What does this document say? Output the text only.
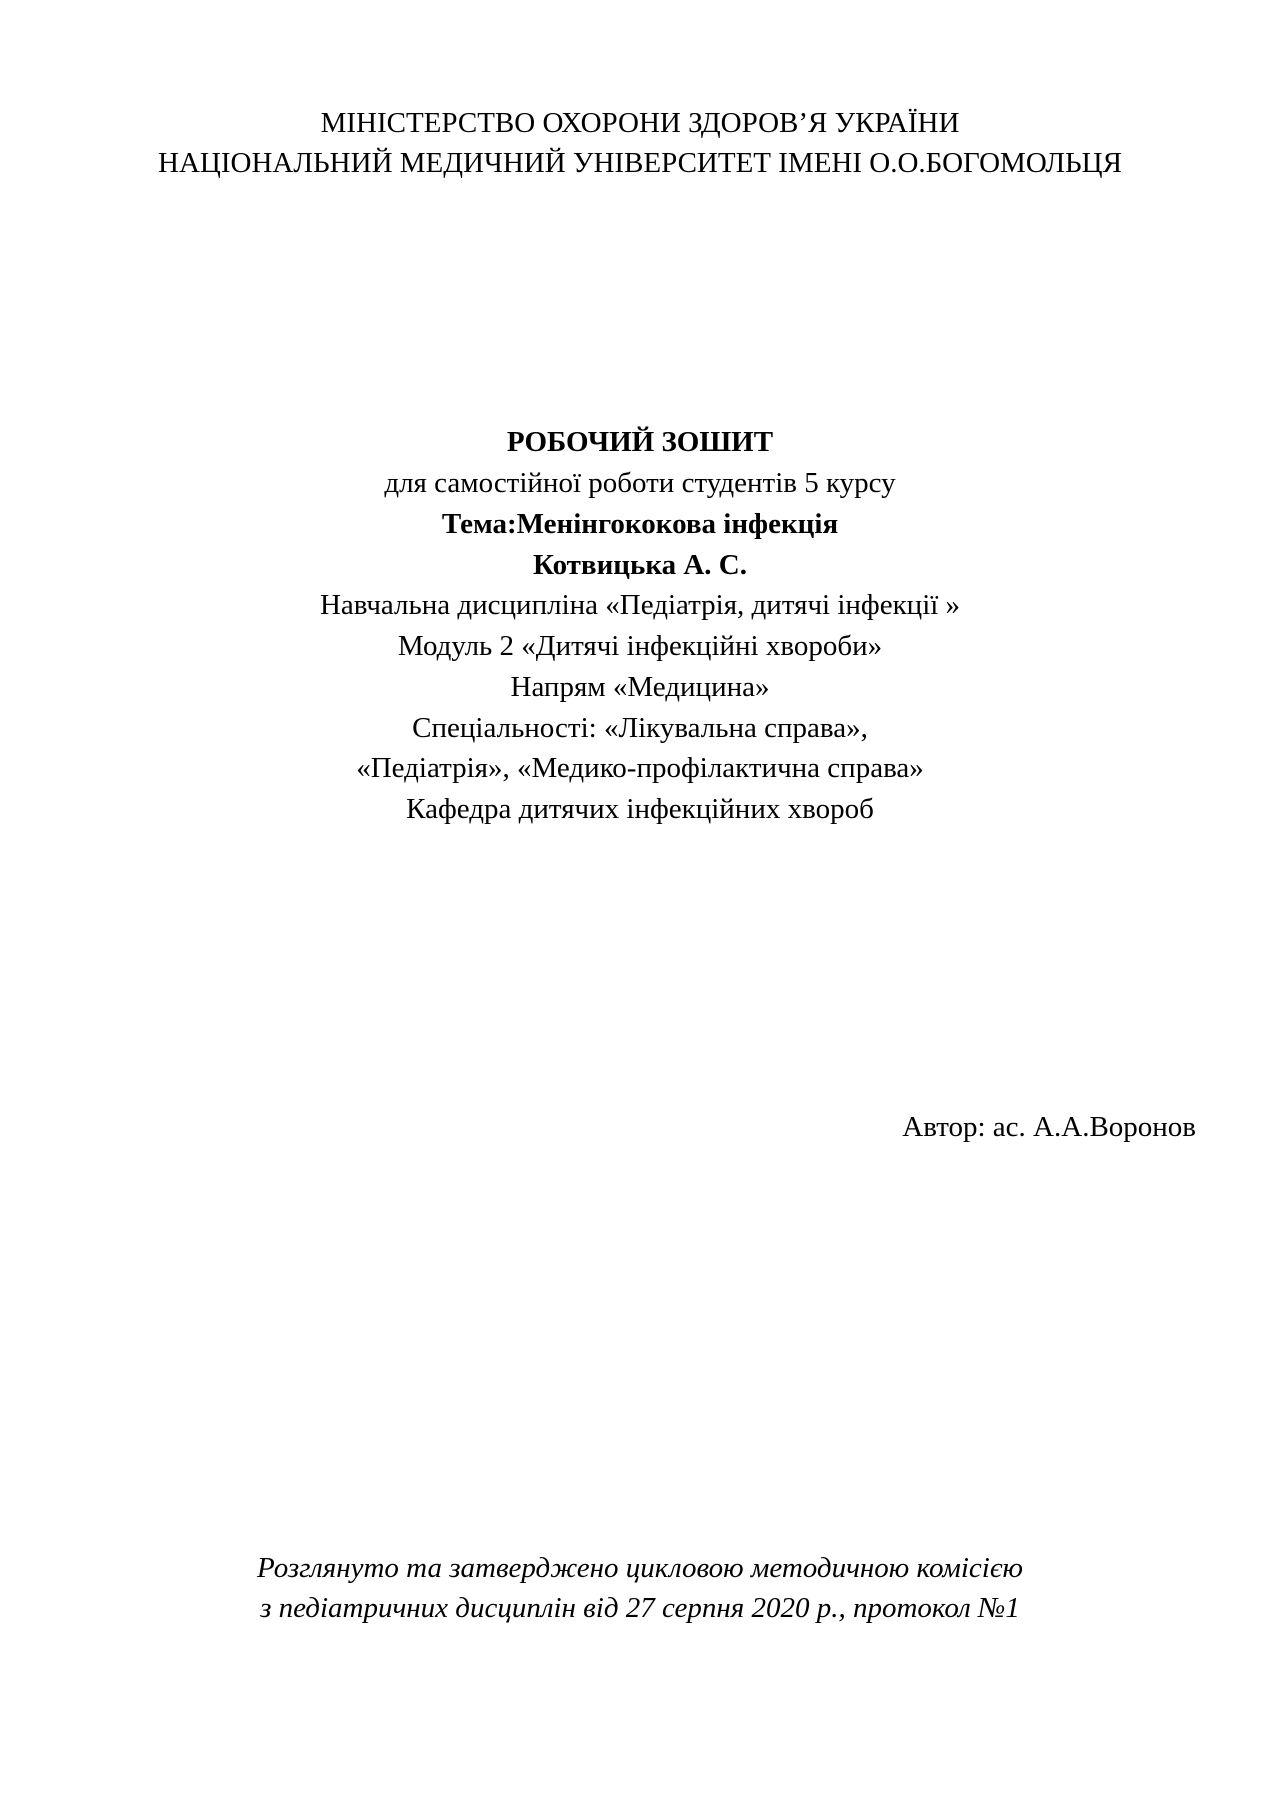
МІНІСТЕРСТВО ОХОРОНИ ЗДОРОВ’Я УКРАЇНИ
НАЦІОНАЛЬНИЙ МЕДИЧНИЙ УНІВЕРСИТЕТ ІМЕНІ О.О.БОГОМОЛЬЦЯ
РОБОЧИЙ ЗОШИТ
для самостійної роботи студентів 5 курсу
Тема:Менінгококова інфекція
Котвицька А. С.
Навчальна дисципліна «Педіатрія, дитячі інфекції »
Модуль 2 «Дитячі інфекційні хвороби»
Напрям «Медицина»
Спеціальності: «Лікувальна справа»,
«Педіатрія», «Медико-профілактична справа»
Кафедра дитячих інфекційних хвороб
Автор: ас. А.А.Воронов
Розглянуто та затверджено цикловою методичною комісією
з педіатричних дисциплін від 27 серпня 2020 р., протокол №1
